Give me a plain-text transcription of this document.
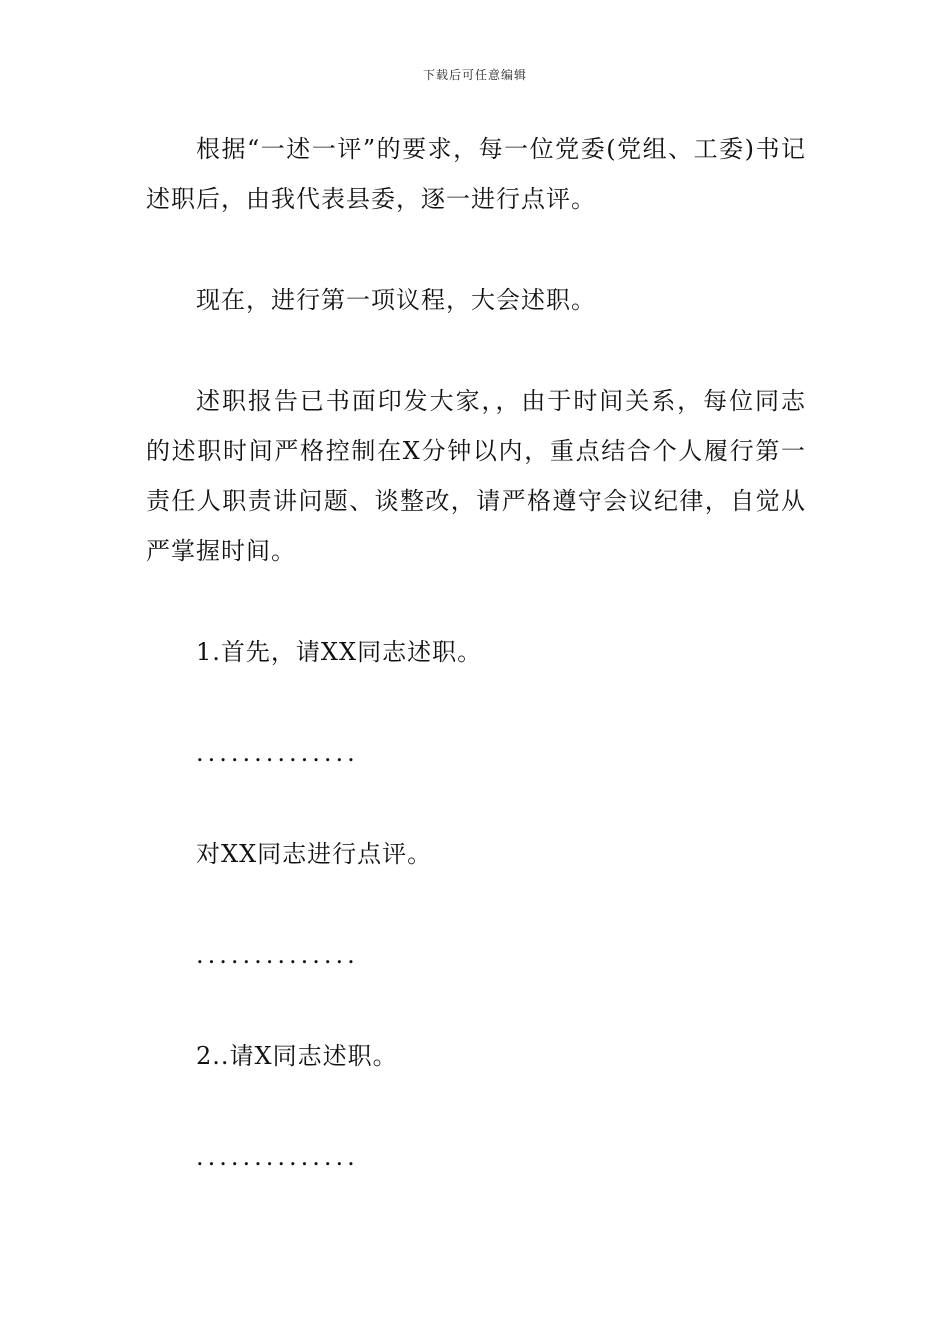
下载后可任意编辑

根据“一述一评”的要求，每一位党委(党组、工委)书记述职后，由我代表县委，逐一进行点评。

现在，进行第一项议程，大会述职。

述职报告已书面印发大家，，由于时间关系，每位同志的述职时间严格控制在X分钟以内，重点结合个人履行第一责任人职责讲问题、谈整改，请严格遵守会议纪律，自觉从严掌握时间。

1.首先，请XX同志述职。

..............

对XX同志进行点评。

..............

2..请X同志述职。

..............
